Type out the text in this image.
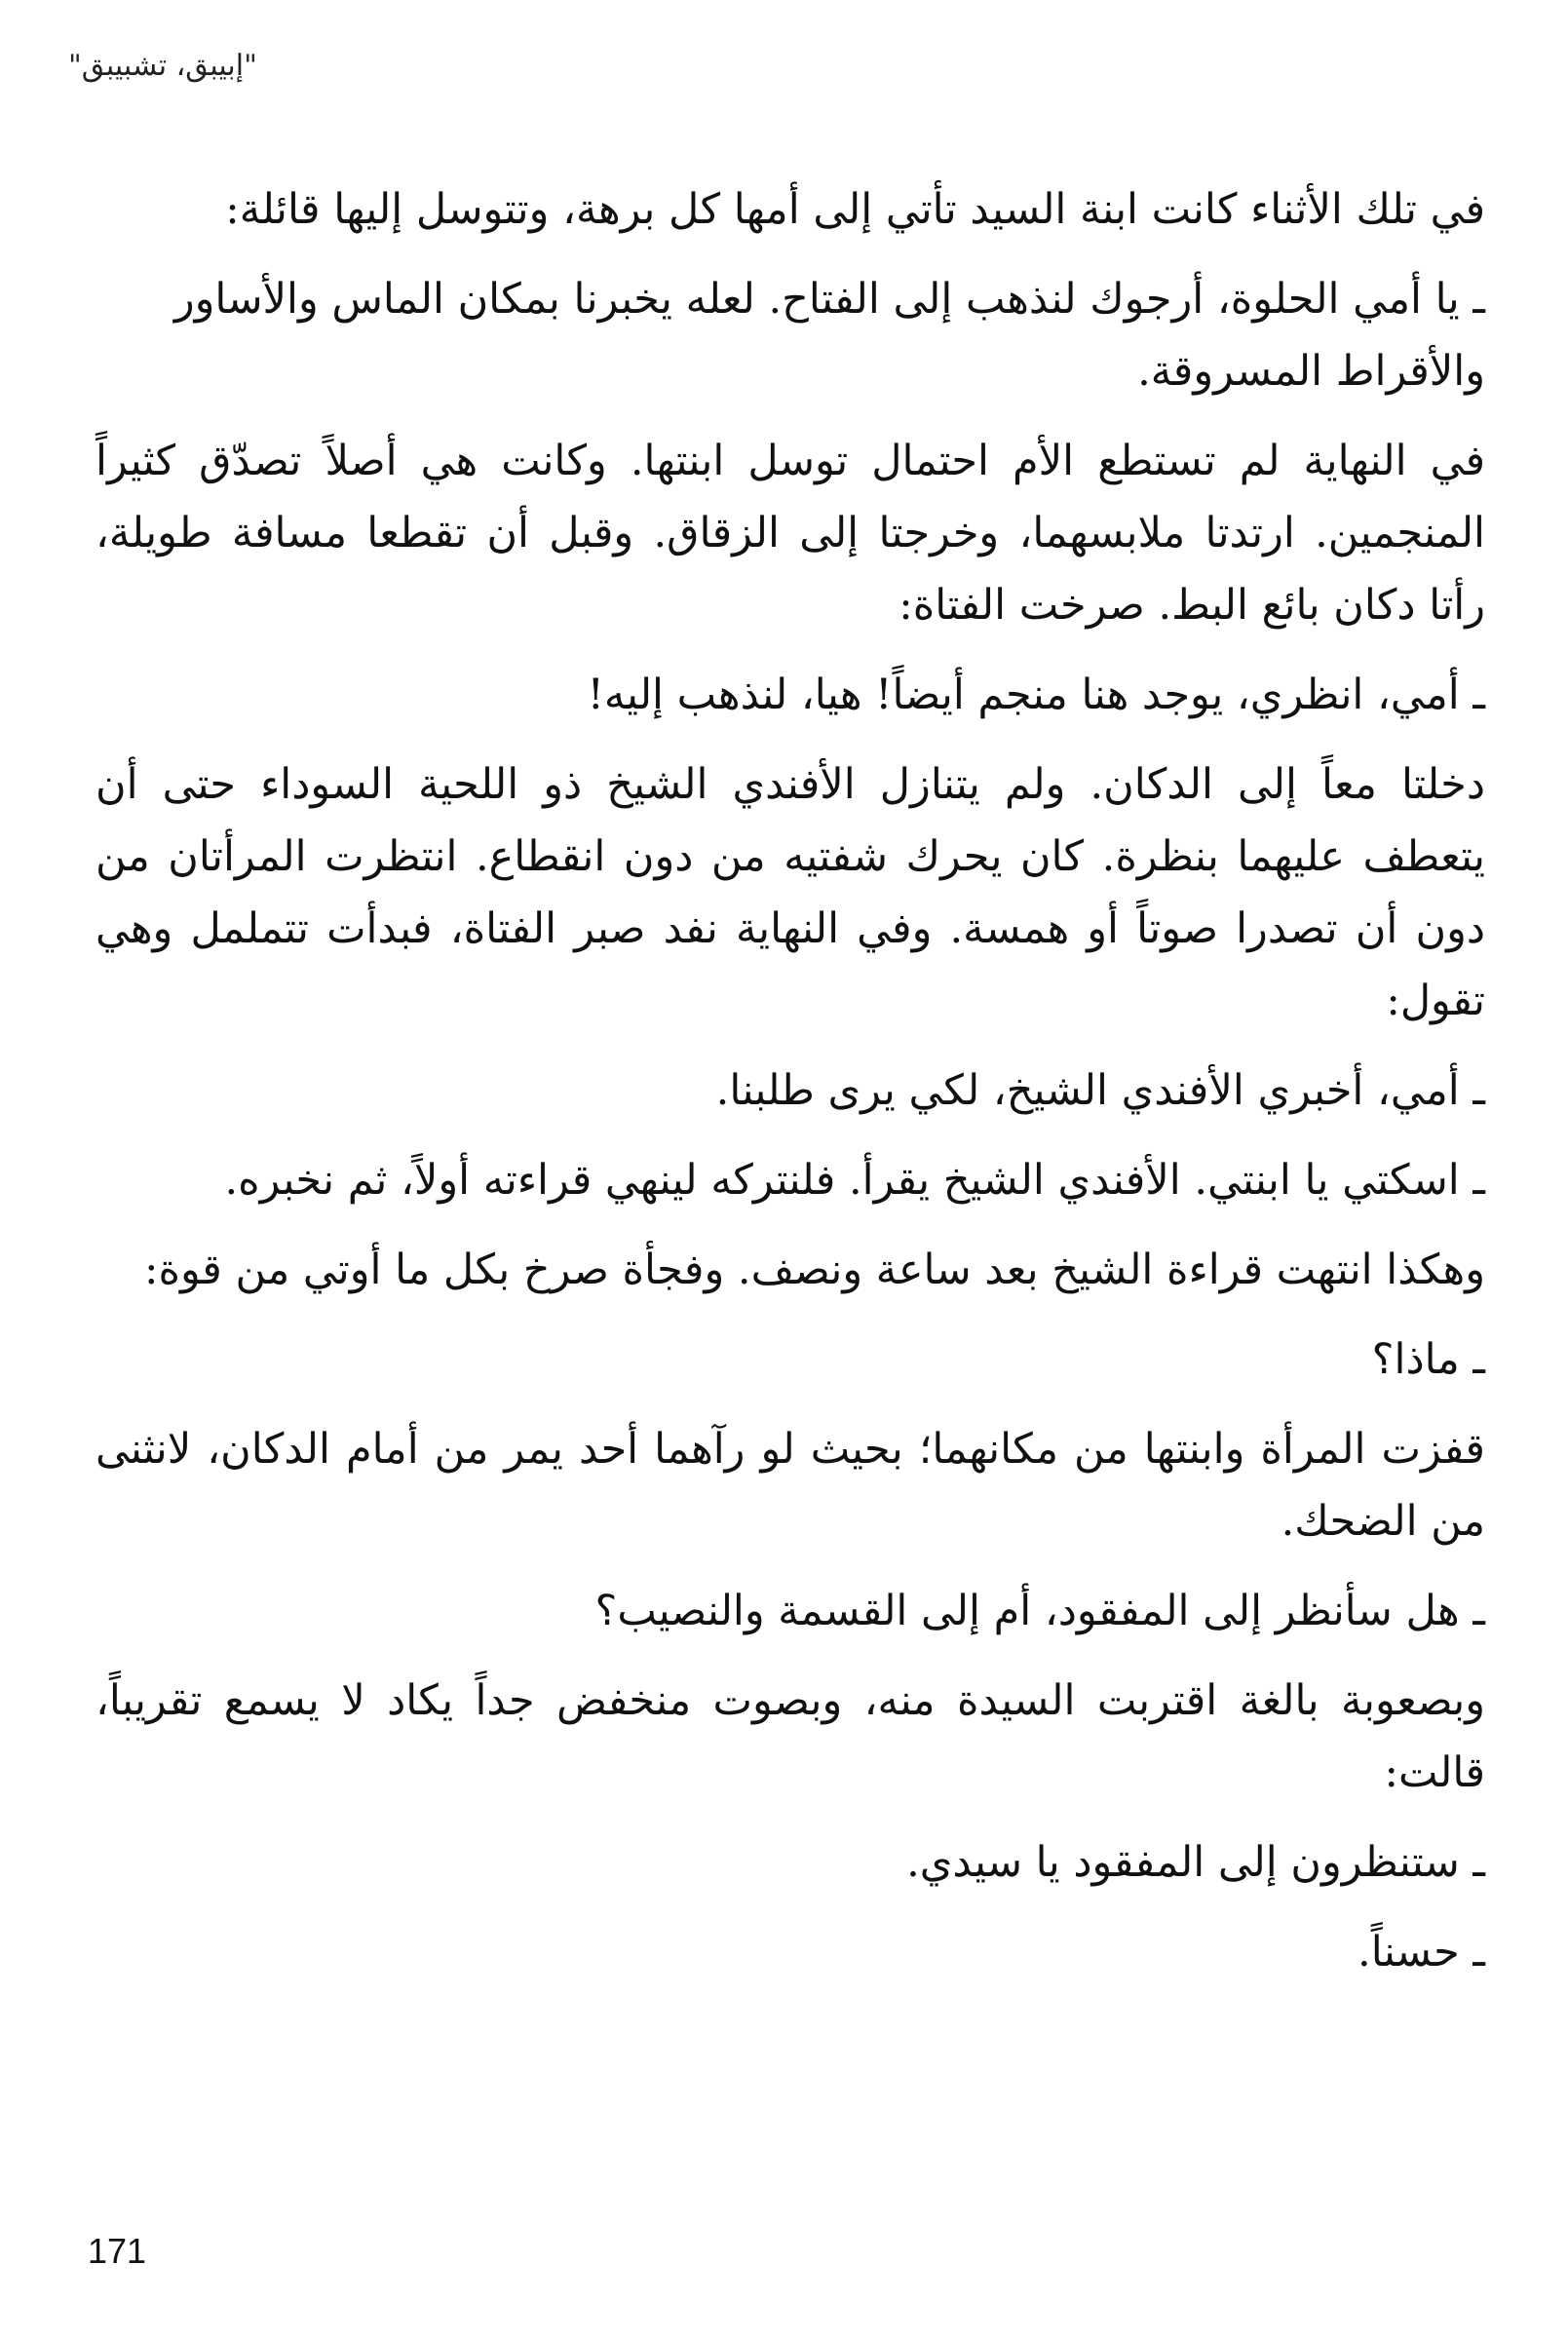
"إبيبق، تشبيبق"

في تلك الأثناء كانت ابنة السيد تأتي إلى أمها كل برهة، وتتوسل إليها قائلة:

ـ يا أمي الحلوة، أرجوك لنذهب إلى الفتاح. لعله يخبرنا بمكان الماس والأساور والأقراط المسروقة.

في النهاية لم تستطع الأم احتمال توسل ابنتها. وكانت هي أصلاً تصدّق كثيراً المنجمين. ارتدتا ملابسهما، وخرجتا إلى الزقاق. وقبل أن تقطعا مسافة طويلة، رأتا دكان بائع البط. صرخت الفتاة:

ـ أمي، انظري، يوجد هنا منجم أيضاً! هيا، لنذهب إليه!

دخلتا معاً إلى الدكان. ولم يتنازل الأفندي الشيخ ذو اللحية السوداء حتى أن يتعطف عليهما بنظرة. كان يحرك شفتيه من دون انقطاع. انتظرت المرأتان من دون أن تصدرا صوتاً أو همسة. وفي النهاية نفد صبر الفتاة، فبدأت تتململ وهي تقول:

ـ أمي، أخبري الأفندي الشيخ، لكي يرى طلبنا.

ـ اسكتي يا ابنتي. الأفندي الشيخ يقرأ. فلنتركه لينهي قراءته أولاً، ثم نخبره.

وهكذا انتهت قراءة الشيخ بعد ساعة ونصف. وفجأة صرخ بكل ما أوتي من قوة:

ـ ماذا؟

قفزت المرأة وابنتها من مكانهما؛ بحيث لو رآهما أحد يمر من أمام الدكان، لانثنى من الضحك.

ـ هل سأنظر إلى المفقود، أم إلى القسمة والنصيب؟

وبصعوبة بالغة اقتربت السيدة منه، وبصوت منخفض جداً يكاد لا يسمع تقريباً، قالت:

ـ ستنظرون إلى المفقود يا سيدي.

ـ حسناً.

171
